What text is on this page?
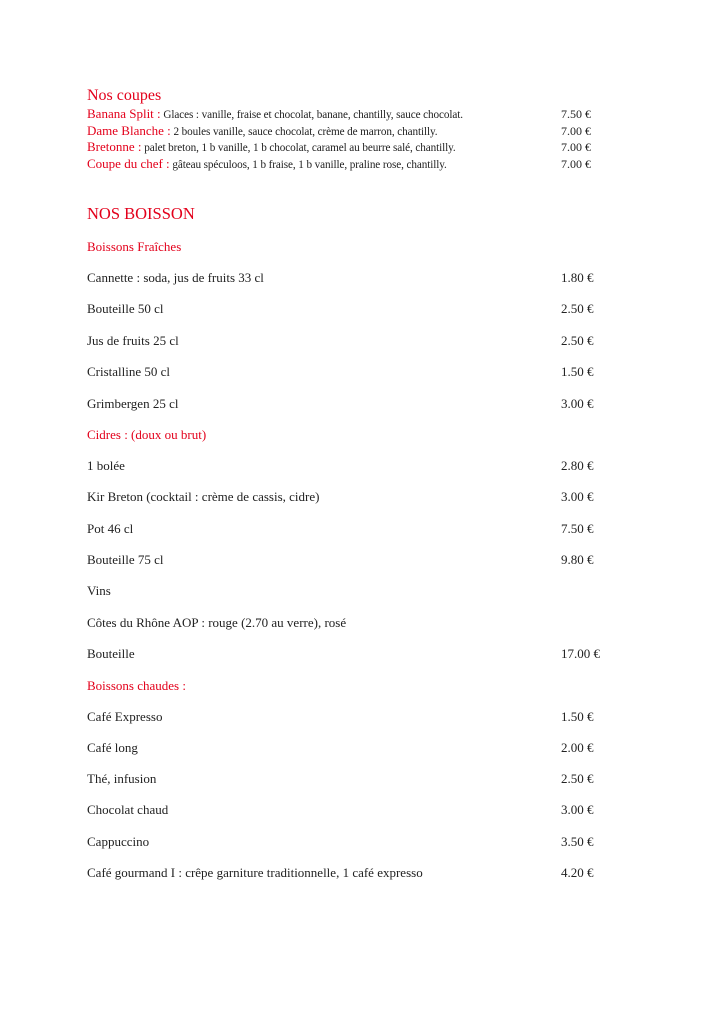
Nos coupes
Banana Split : Glaces : vanille, fraise et chocolat, banane, chantilly, sauce chocolat.	7.50 €
Dame Blanche : 2 boules vanille, sauce chocolat, crème de marron, chantilly.	7.00 €
Bretonne : palet breton, 1 b vanille, 1 b chocolat, caramel au beurre salé, chantilly.	7.00 €
Coupe du chef : gâteau spéculoos, 1 b fraise, 1 b vanille, praline rose, chantilly.	7.00 €
NOS BOISSON
Boissons Fraîches
Cannette : soda, jus de fruits 33 cl	1.80 €
Bouteille 50 cl	2.50 €
Jus de fruits 25 cl	2.50 €
Cristalline 50 cl	1.50 €
Grimbergen 25 cl	3.00 €
Cidres : (doux ou brut)
1 bolée	2.80 €
Kir Breton (cocktail : crème de cassis, cidre)	3.00 €
Pot 46 cl	7.50 €
Bouteille 75 cl	9.80 €
Vins
Côtes du Rhône AOP : rouge (2.70 au verre), rosé
Bouteille	17.00 €
Boissons chaudes :
Café Expresso	1.50 €
Café long	2.00 €
Thé, infusion	2.50 €
Chocolat chaud	3.00 €
Cappuccino	3.50 €
Café gourmand I : crêpe garniture traditionnelle, 1 café expresso	4.20 €
